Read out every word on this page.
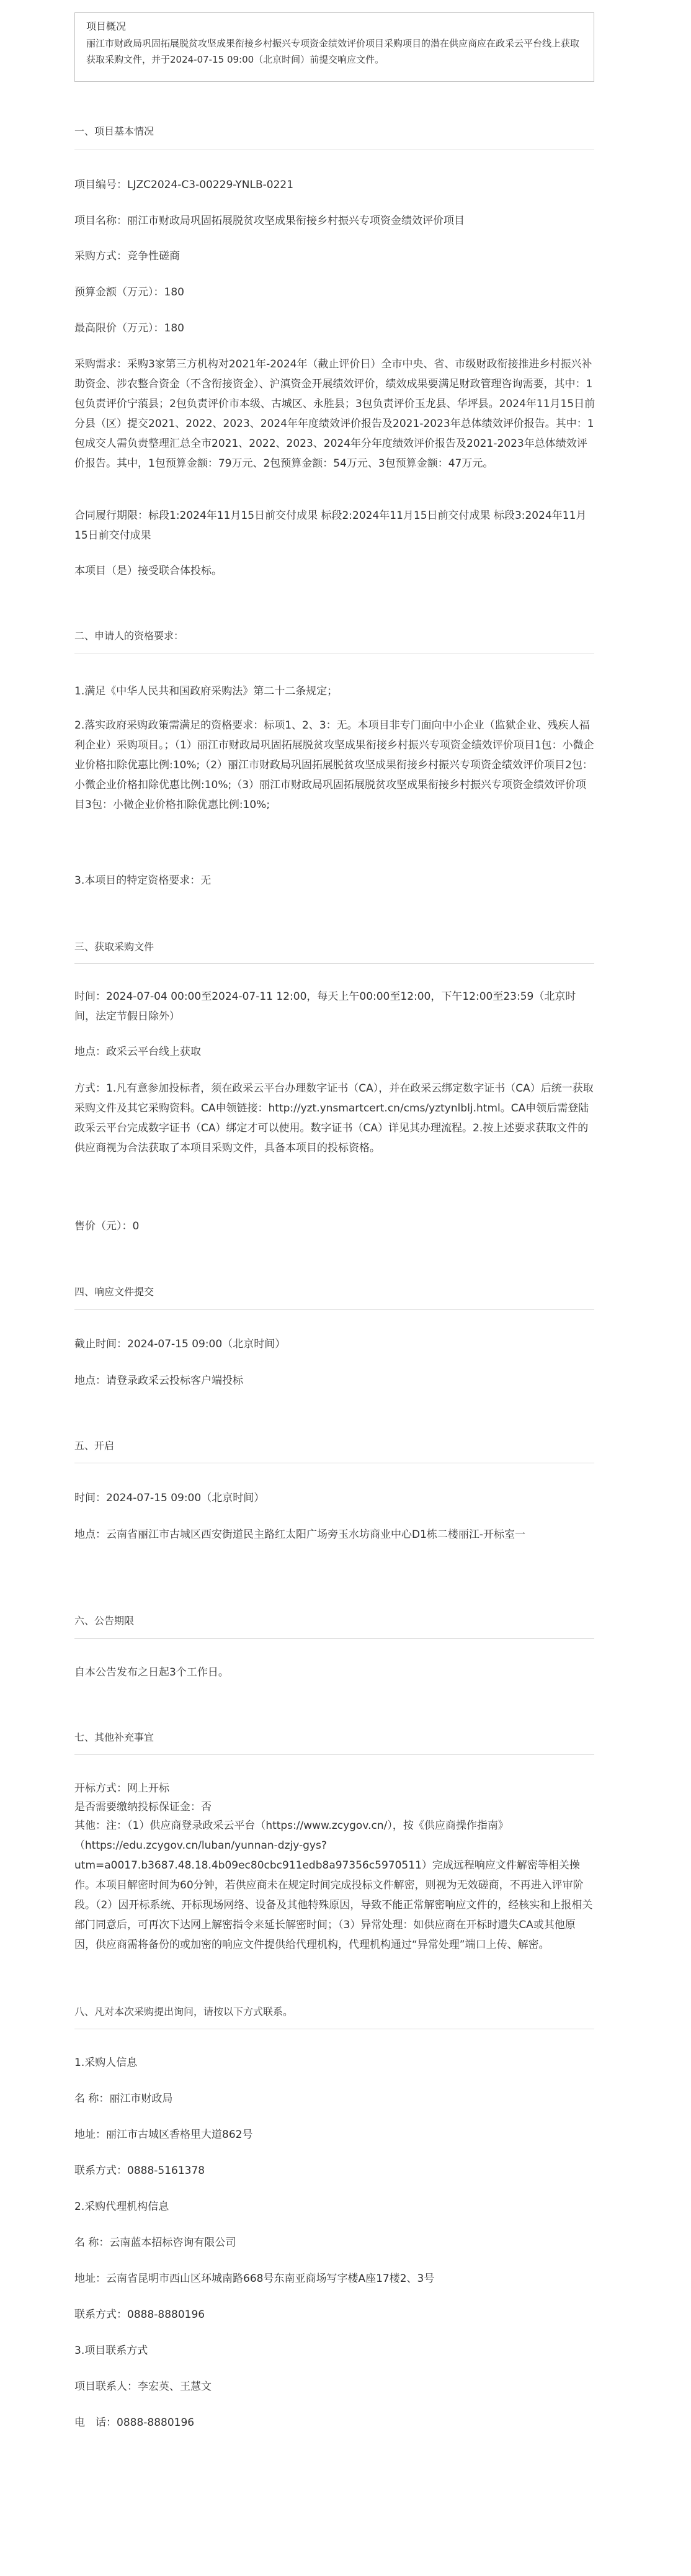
项目概况
丽江市财政局巩固拓展脱贫攻坚成果衔接乡村振兴专项资金绩效评价项目采购项目的潜在供应商应在政采云平台线上获取获取采购文件，并于2024-07-15 09:00（北京时间）前提交响应文件。
一、项目基本情况
项目编号：LJZC2024-C3-00229-YNLB-0221
项目名称：丽江市财政局巩固拓展脱贫攻坚成果衔接乡村振兴专项资金绩效评价项目
采购方式：竞争性磋商
预算金额（万元）：180
最高限价（万元）：180
采购需求：采购3家第三方机构对2021年-2024年（截止评价日）全市中央、省、市级财政衔接推进乡村振兴补助资金、涉农整合资金（不含衔接资金）、沪滇资金开展绩效评价，绩效成果要满足财政管理咨询需要，其中：1包负责评价宁蒗县；2包负责评价市本级、古城区、永胜县；3包负责评价玉龙县、华坪县。2024年11月15日前分县（区）提交2021、2022、2023、2024年年度绩效评价报告及2021-2023年总体绩效评价报告。其中：1包成交人需负责整理汇总全市2021、2022、2023、2024年分年度绩效评价报告及2021-2023年总体绩效评价报告。其中，1包预算金额：79万元、2包预算金额：54万元、3包预算金额：47万元。
合同履行期限：标段1:2024年11月15日前交付成果 标段2:2024年11月15日前交付成果 标段3:2024年11月15日前交付成果
本项目（是）接受联合体投标。
二、申请人的资格要求：
1.满足《中华人民共和国政府采购法》第二十二条规定；
2.落实政府采购政策需满足的资格要求：标项1、2、3：无。本项目非专门面向中小企业（监狱企业、残疾人福利企业）采购项目。；（1）丽江市财政局巩固拓展脱贫攻坚成果衔接乡村振兴专项资金绩效评价项目1包：小微企业价格扣除优惠比例:10%;（2）丽江市财政局巩固拓展脱贫攻坚成果衔接乡村振兴专项资金绩效评价项目2包：小微企业价格扣除优惠比例:10%;（3）丽江市财政局巩固拓展脱贫攻坚成果衔接乡村振兴专项资金绩效评价项目3包：小微企业价格扣除优惠比例:10%;
3.本项目的特定资格要求：无
三、获取采购文件
时间：2024-07-04 00:00至2024-07-11 12:00，每天上午00:00至12:00，下午12:00至23:59（北京时间，法定节假日除外）
地点：政采云平台线上获取
方式：1.凡有意参加投标者，须在政采云平台办理数字证书（CA），并在政采云绑定数字证书（CA）后统一获取采购文件及其它采购资料。CA申领链接：http://yzt.ynsmartcert.cn/cms/yztynlblj.html。CA申领后需登陆政采云平台完成数字证书（CA）绑定才可以使用。数字证书（CA）详见其办理流程。2.按上述要求获取文件的供应商视为合法获取了本项目采购文件，具备本项目的投标资格。
售价（元）：0
四、响应文件提交
截止时间：2024-07-15 09:00（北京时间）
地点：请登录政采云投标客户端投标
五、开启
时间：2024-07-15 09:00（北京时间）
地点：云南省丽江市古城区西安街道民主路红太阳广场旁玉水坊商业中心D1栋二楼丽江-开标室一
六、公告期限
自本公告发布之日起3个工作日。
七、其他补充事宜
开标方式：网上开标
是否需要缴纳投标保证金：否
其他：注：（1）供应商登录政采云平台（https://www.zcygov.cn/），按《供应商操作指南》（https://edu.zcygov.cn/luban/yunnan-dzjy-gys?utm=a0017.b3687.48.18.4b09ec80cbc911edb8a97356c5970511）完成远程响应文件解密等相关操作。本项目解密时间为60分钟，若供应商未在规定时间完成投标文件解密，则视为无效磋商，不再进入评审阶段。（2）因开标系统、开标现场网络、设备及其他特殊原因，导致不能正常解密响应文件的，经核实和上报相关部门同意后，可再次下达网上解密指令来延长解密时间；（3）异常处理：如供应商在开标时遗失CA或其他原因，供应商需将备份的或加密的响应文件提供给代理机构，代理机构通过“异常处理”端口上传、解密。
八、凡对本次采购提出询问，请按以下方式联系。
1.采购人信息
名 称：丽江市财政局
地址：丽江市古城区香格里大道862号
联系方式：0888-5161378
2.采购代理机构信息
名 称：云南蓝本招标咨询有限公司
地址：云南省昆明市西山区环城南路668号东南亚商场写字楼A座17楼2、3号
联系方式：0888-8880196
3.项目联系方式
项目联系人：李宏英、王慧文
电　话：0888-8880196
